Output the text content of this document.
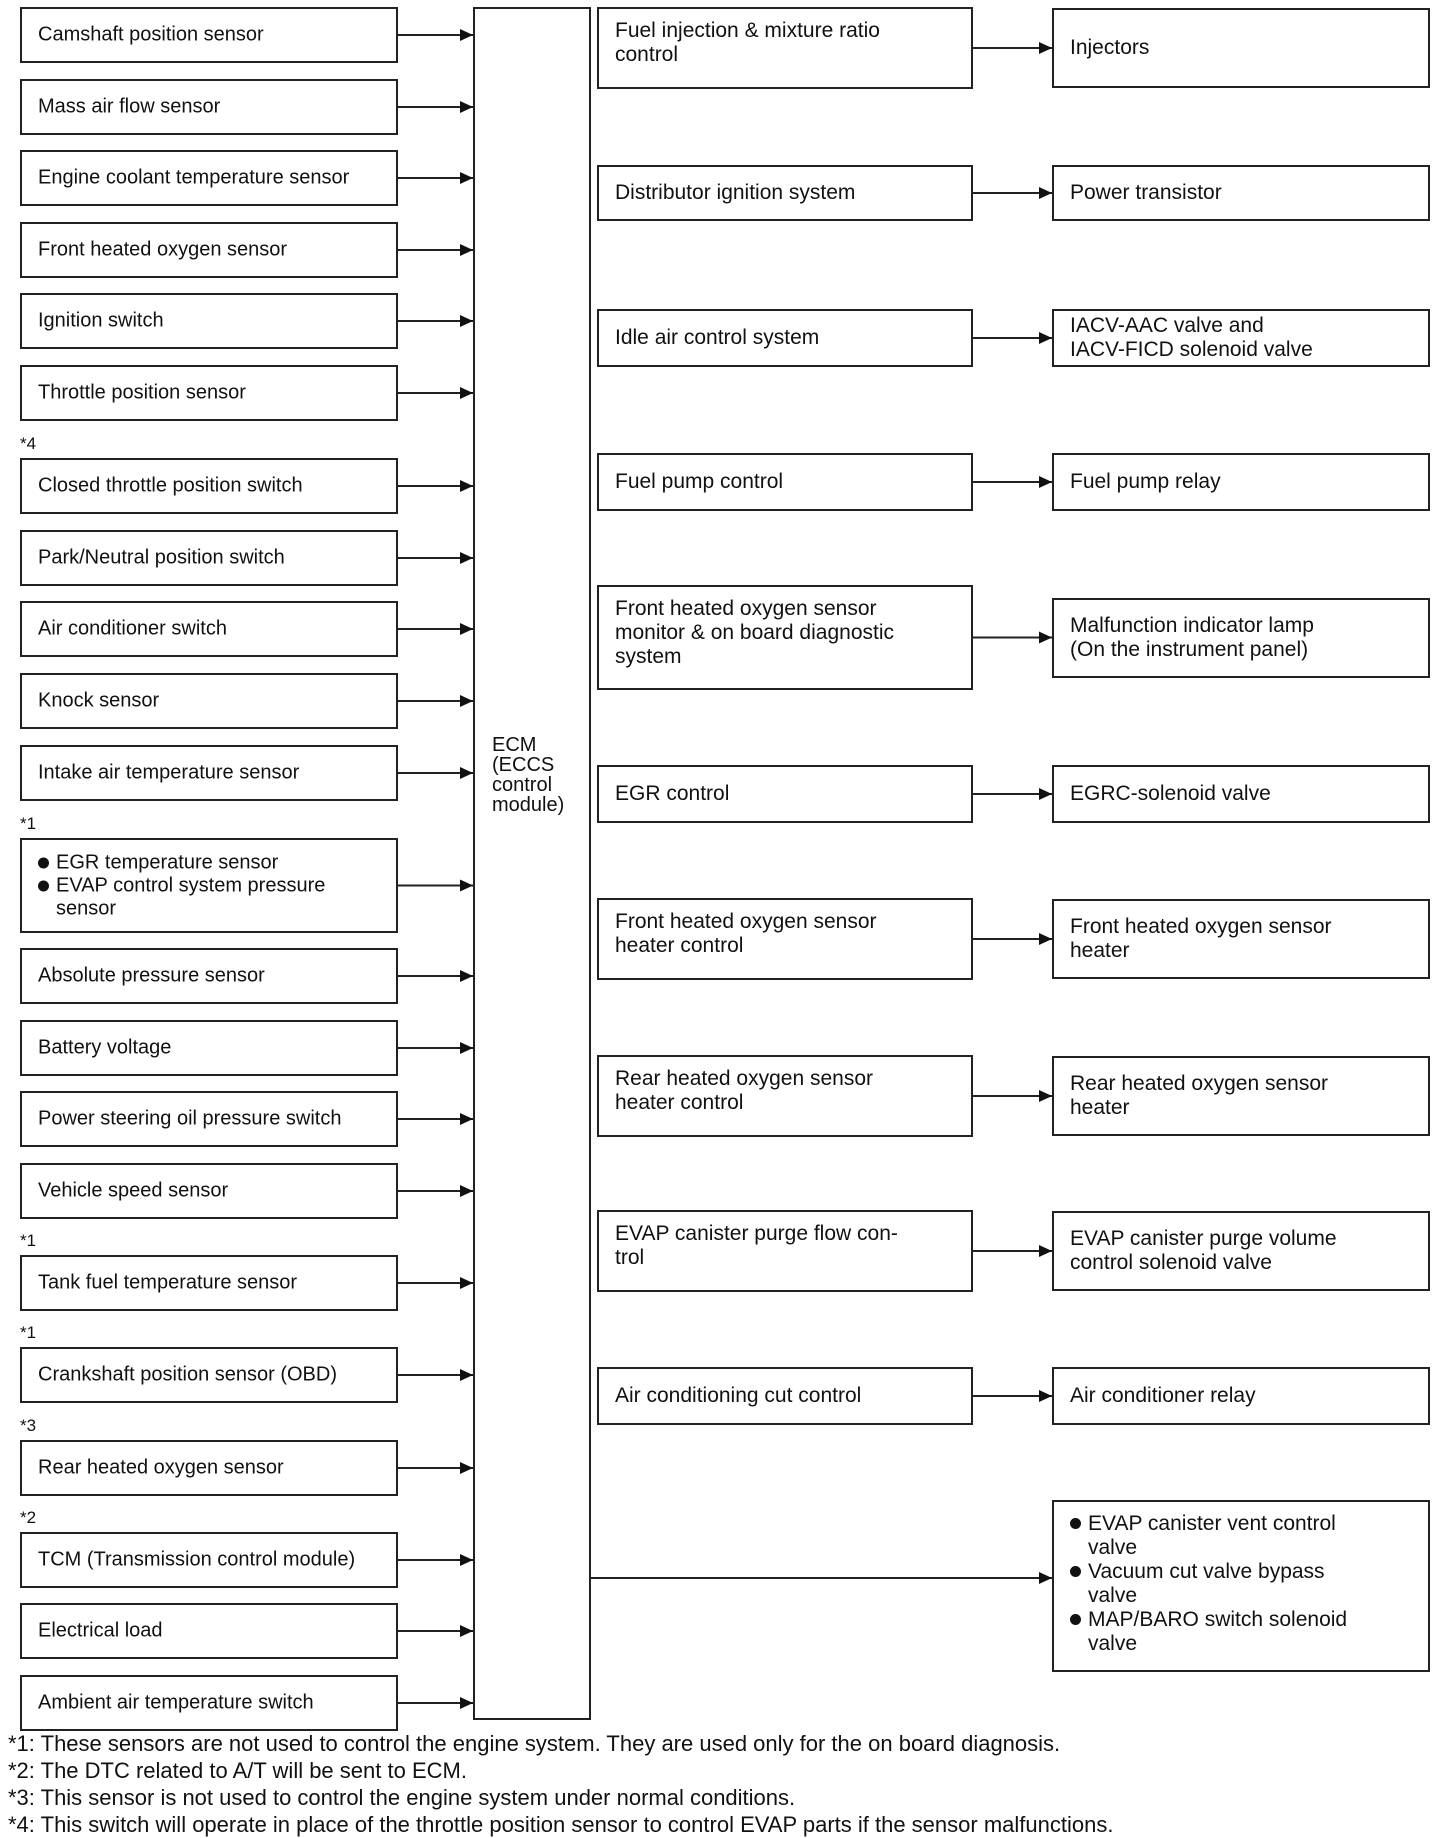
ECM
(ECCS
control
module)
Camshaft position sensor
Mass air flow sensor
Engine coolant temperature sensor
Front heated oxygen sensor
Ignition switch
Throttle position sensor
*4
Closed throttle position switch
Park/Neutral position switch
Air conditioner switch
Knock sensor
Intake air temperature sensor
*1
EGR temperature sensor
EVAP control system pressure sensor
Absolute pressure sensor
Battery voltage
Power steering oil pressure switch
Vehicle speed sensor
*1
Tank fuel temperature sensor
*1
Crankshaft position sensor (OBD)
*3
Rear heated oxygen sensor
*2
TCM (Transmission control module)
Electrical load
Ambient air temperature switch
Fuel injection & mixture ratio
control
Distributor ignition system
Idle air control system
Fuel pump control
Front heated oxygen sensor
monitor & on board diagnostic
system
EGR control
Front heated oxygen sensor
heater control
Rear heated oxygen sensor
heater control
EVAP canister purge flow con-
trol
Air conditioning cut control
Injectors
Power transistor
IACV-AAC valve and
IACV-FICD solenoid valve
Fuel pump relay
Malfunction indicator lamp
(On the instrument panel)
EGRC-solenoid valve
Front heated oxygen sensor
heater
Rear heated oxygen sensor
heater
EVAP canister purge volume
control solenoid valve
Air conditioner relay
EVAP canister vent control
valve
Vacuum cut valve bypass
valve
MAP/BARO switch solenoid
valve
*1: These sensors are not used to control the engine system. They are used only for the on board diagnosis.
*2: The DTC related to A/T will be sent to ECM.
*3: This sensor is not used to control the engine system under normal conditions.
*4: This switch will operate in place of the throttle position sensor to control EVAP parts if the sensor malfunctions.
